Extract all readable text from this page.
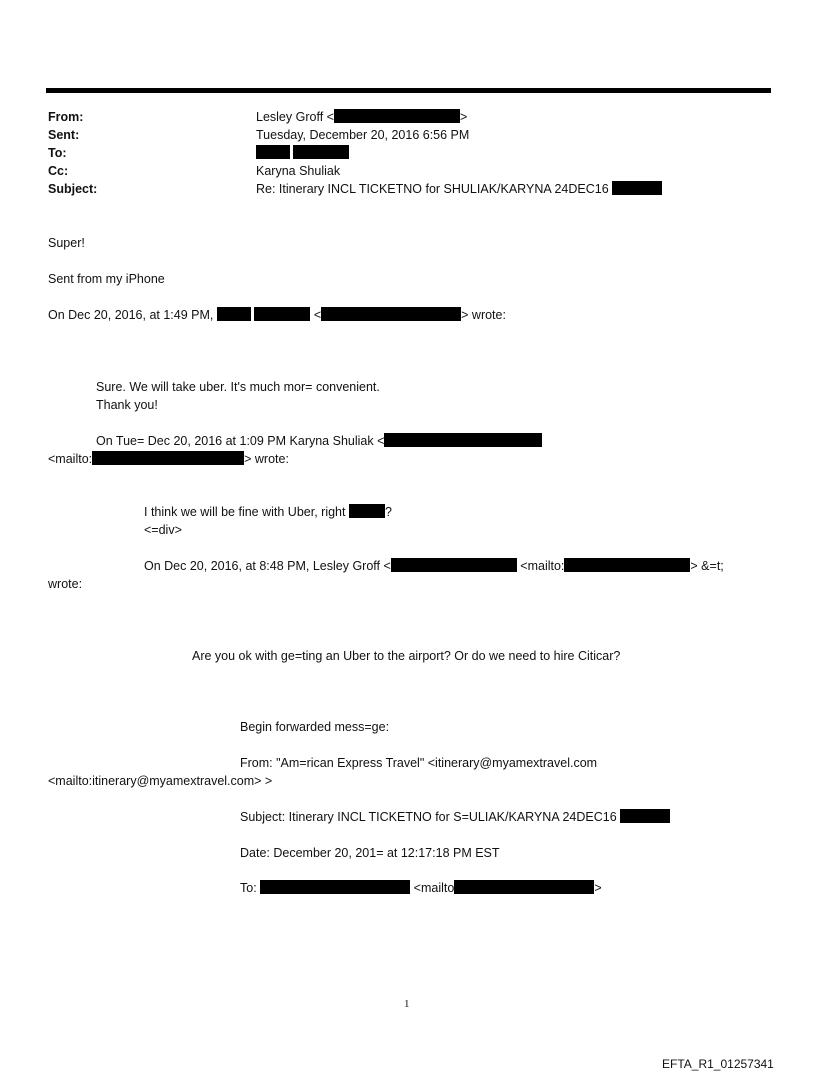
From:	Lesley Groff <	>
Sent:	Tuesday, December 20, 2016 6:56 PM
To:

Cc:	Karyna Shuliak
Subject:	Re: Itinerary INCL TICKETNO for SHULIAK/KARYNA 24DEC16
Super!
Sent from my iPhone
On Dec 20, 2016, at 1:49 PM,	<	> wrote:
Sure. We will take uber. It's much mor= convenient.
Thank you!
On Tue= Dec 20, 2016 at 1:09 PM Karyna Shuliak <
<mailto:	> wrote:
I think we will be fine with Uber, right	?
<=div>
On Dec 20, 2016, at 8:48 PM, Lesley Groff <	<mailto:	> &=t;
wrote:
Are you ok with ge=ting an Uber to the airport? Or do we need to hire Citicar?
Begin forwarded mess=ge:
From: "Am=rican Express Travel" <itinerary@myamextravel.com
<mailto:itinerary@myamextravel.com> >
Subject: Itinerary INCL TICKETNO for S=ULIAK/KARYNA 24DEC16
Date: December 20, 201= at 12:17:18 PM EST
To:	<mailto	>
1
EFTA_R1_01257341
